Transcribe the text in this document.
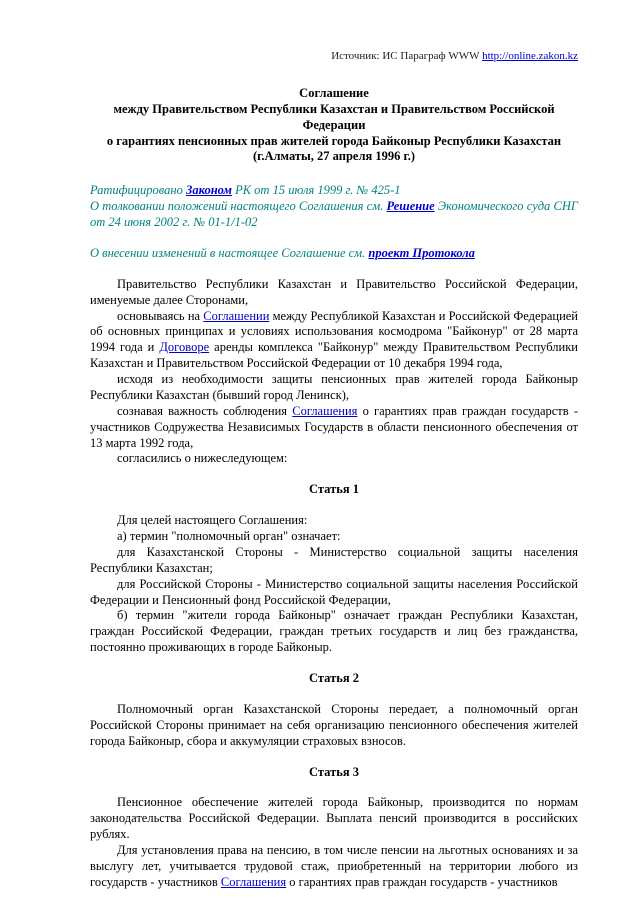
Источник: ИС Параграф WWW http://online.zakon.kz

Соглашение
между Правительством Республики Казахстан и Правительством Российской Федерации
о гарантиях пенсионных прав жителей города Байконыр Республики Казахстан
(г.Алматы, 27 апреля 1996 г.)

Ратифицировано Законом РК от 15 июля 1999 г. № 425-1

О толковании положений настоящего Соглашения см. Решение Экономического суда СНГ от 24 июня 2002 г. № 01-1/1-02

О внесении изменений в настоящее Соглашение см. проект Протокола

Правительство Республики Казахстан и Правительство Российской Федерации, именуемые далее Сторонами,

основываясь на Соглашении между Республикой Казахстан и Российской Федерацией об основных принципах и условиях использования космодрома "Байконур" от 28 марта 1994 года и Договоре аренды комплекса "Байконур" между Правительством Республики Казахстан и Правительством Российской Федерации от 10 декабря 1994 года,

исходя из необходимости защиты пенсионных прав жителей города Байконыр Республики Казахстан (бывший город Ленинск),

сознавая важность соблюдения Соглашения о гарантиях прав граждан государств - участников Содружества Независимых Государств в области пенсионного обеспечения от 13 марта 1992 года,

согласились о нижеследующем:

Статья 1

Для целей настоящего Соглашения:

а) термин "полномочный орган" означает:

для Казахстанской Стороны - Министерство социальной защиты населения Республики Казахстан;

для Российской Стороны - Министерство социальной защиты населения Российской Федерации и Пенсионный фонд Российской Федерации,

б) термин "жители города Байконыр" означает граждан Республики Казахстан, граждан Российской Федерации, граждан третьих государств и лиц без гражданства, постоянно проживающих в городе Байконыр.

Статья 2

Полномочный орган Казахстанской Стороны передает, а полномочный орган Российской Стороны принимает на себя организацию пенсионного обеспечения жителей города Байконыр, сбора и аккумуляции страховых взносов.

Статья 3

Пенсионное обеспечение жителей города Байконыр, производится по нормам законодательства Российской Федерации. Выплата пенсий производится в российских рублях.

Для установления права на пенсию, в том числе пенсии на льготных основаниях и за выслугу лет, учитывается трудовой стаж, приобретенный на территории любого из государств - участников Соглашения о гарантиях прав граждан государств - участников
